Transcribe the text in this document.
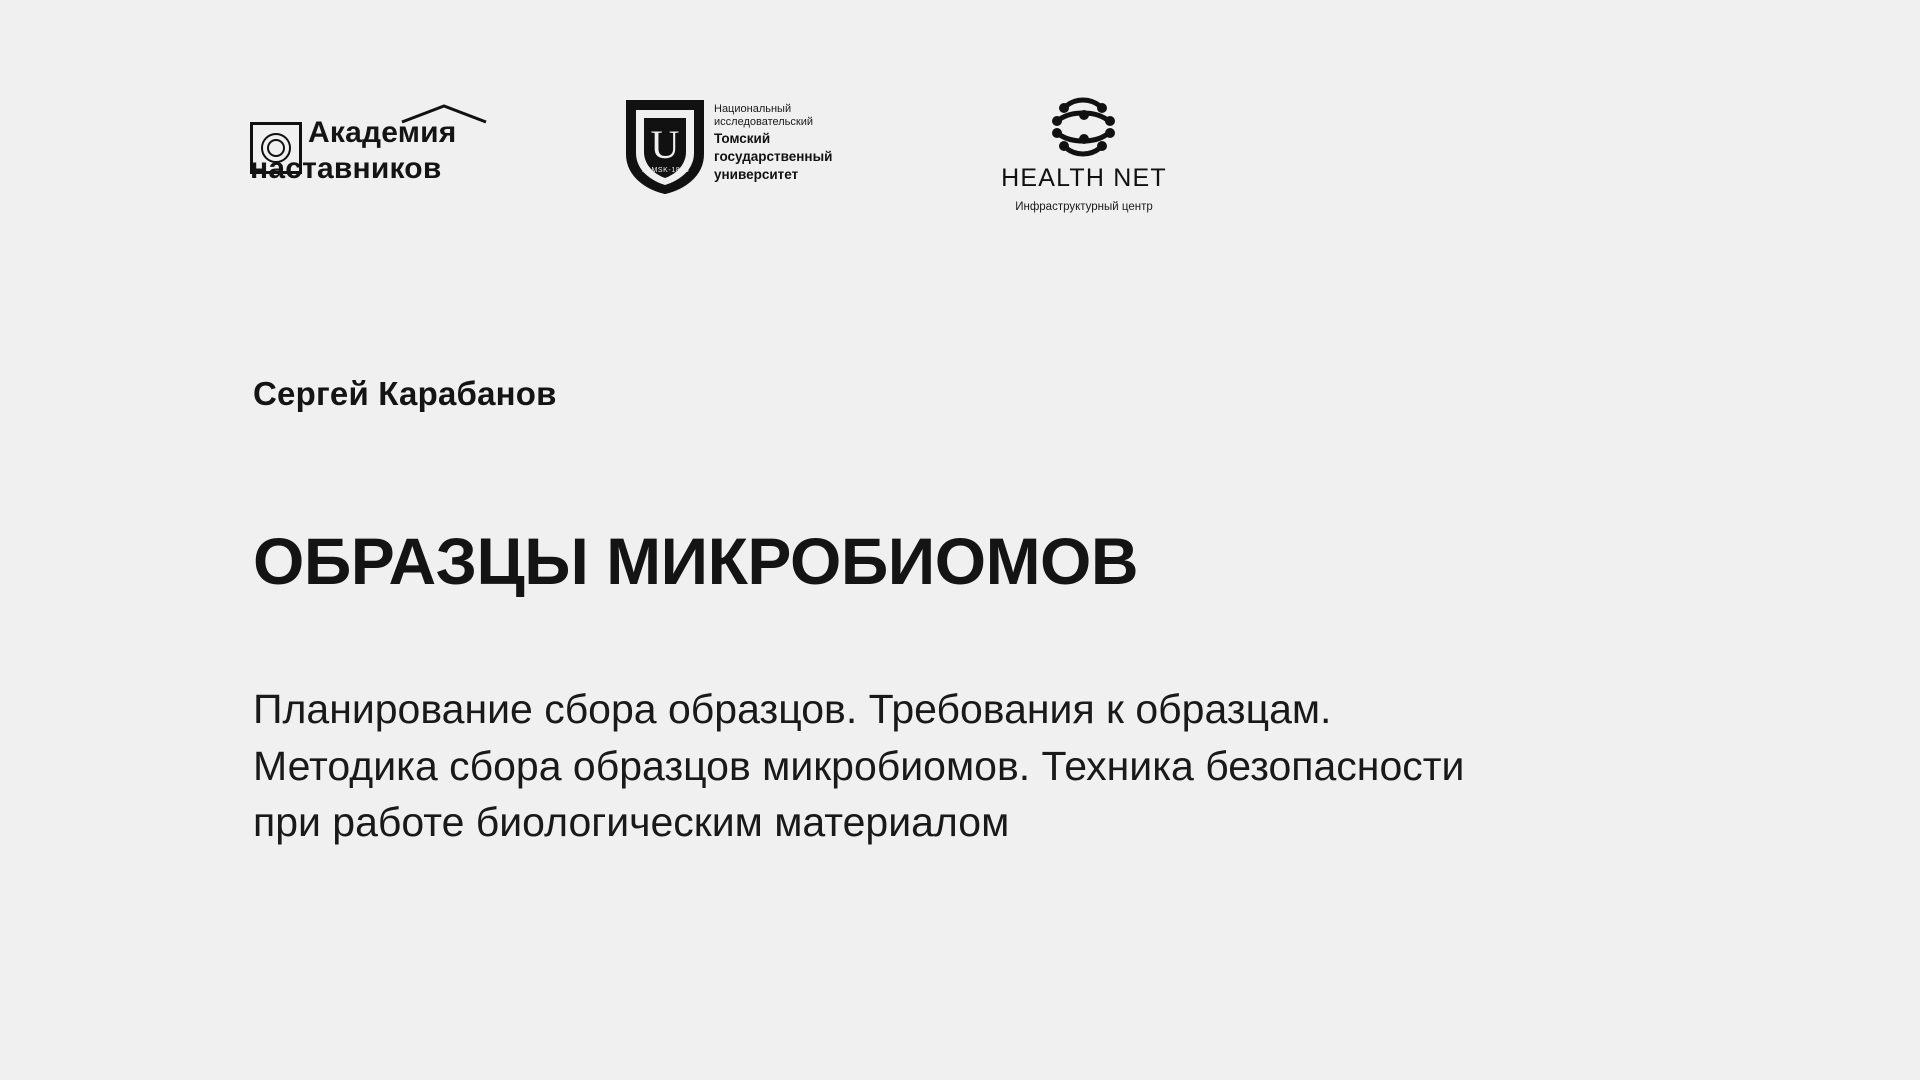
Академия
наставников
U
TOMSK-1878
Национальный
исследовательский
Томский
государственный
университет	HEALTH NET
Инфраструктурный центр
Сергей Карабанов
ОБРАЗЦЫ МИКРОБИОМОВ

Планирование сбора образцов. Требования к образцам. Методика сбора образцов микробиомов. Техника безопасности при работе биологическим материалом
